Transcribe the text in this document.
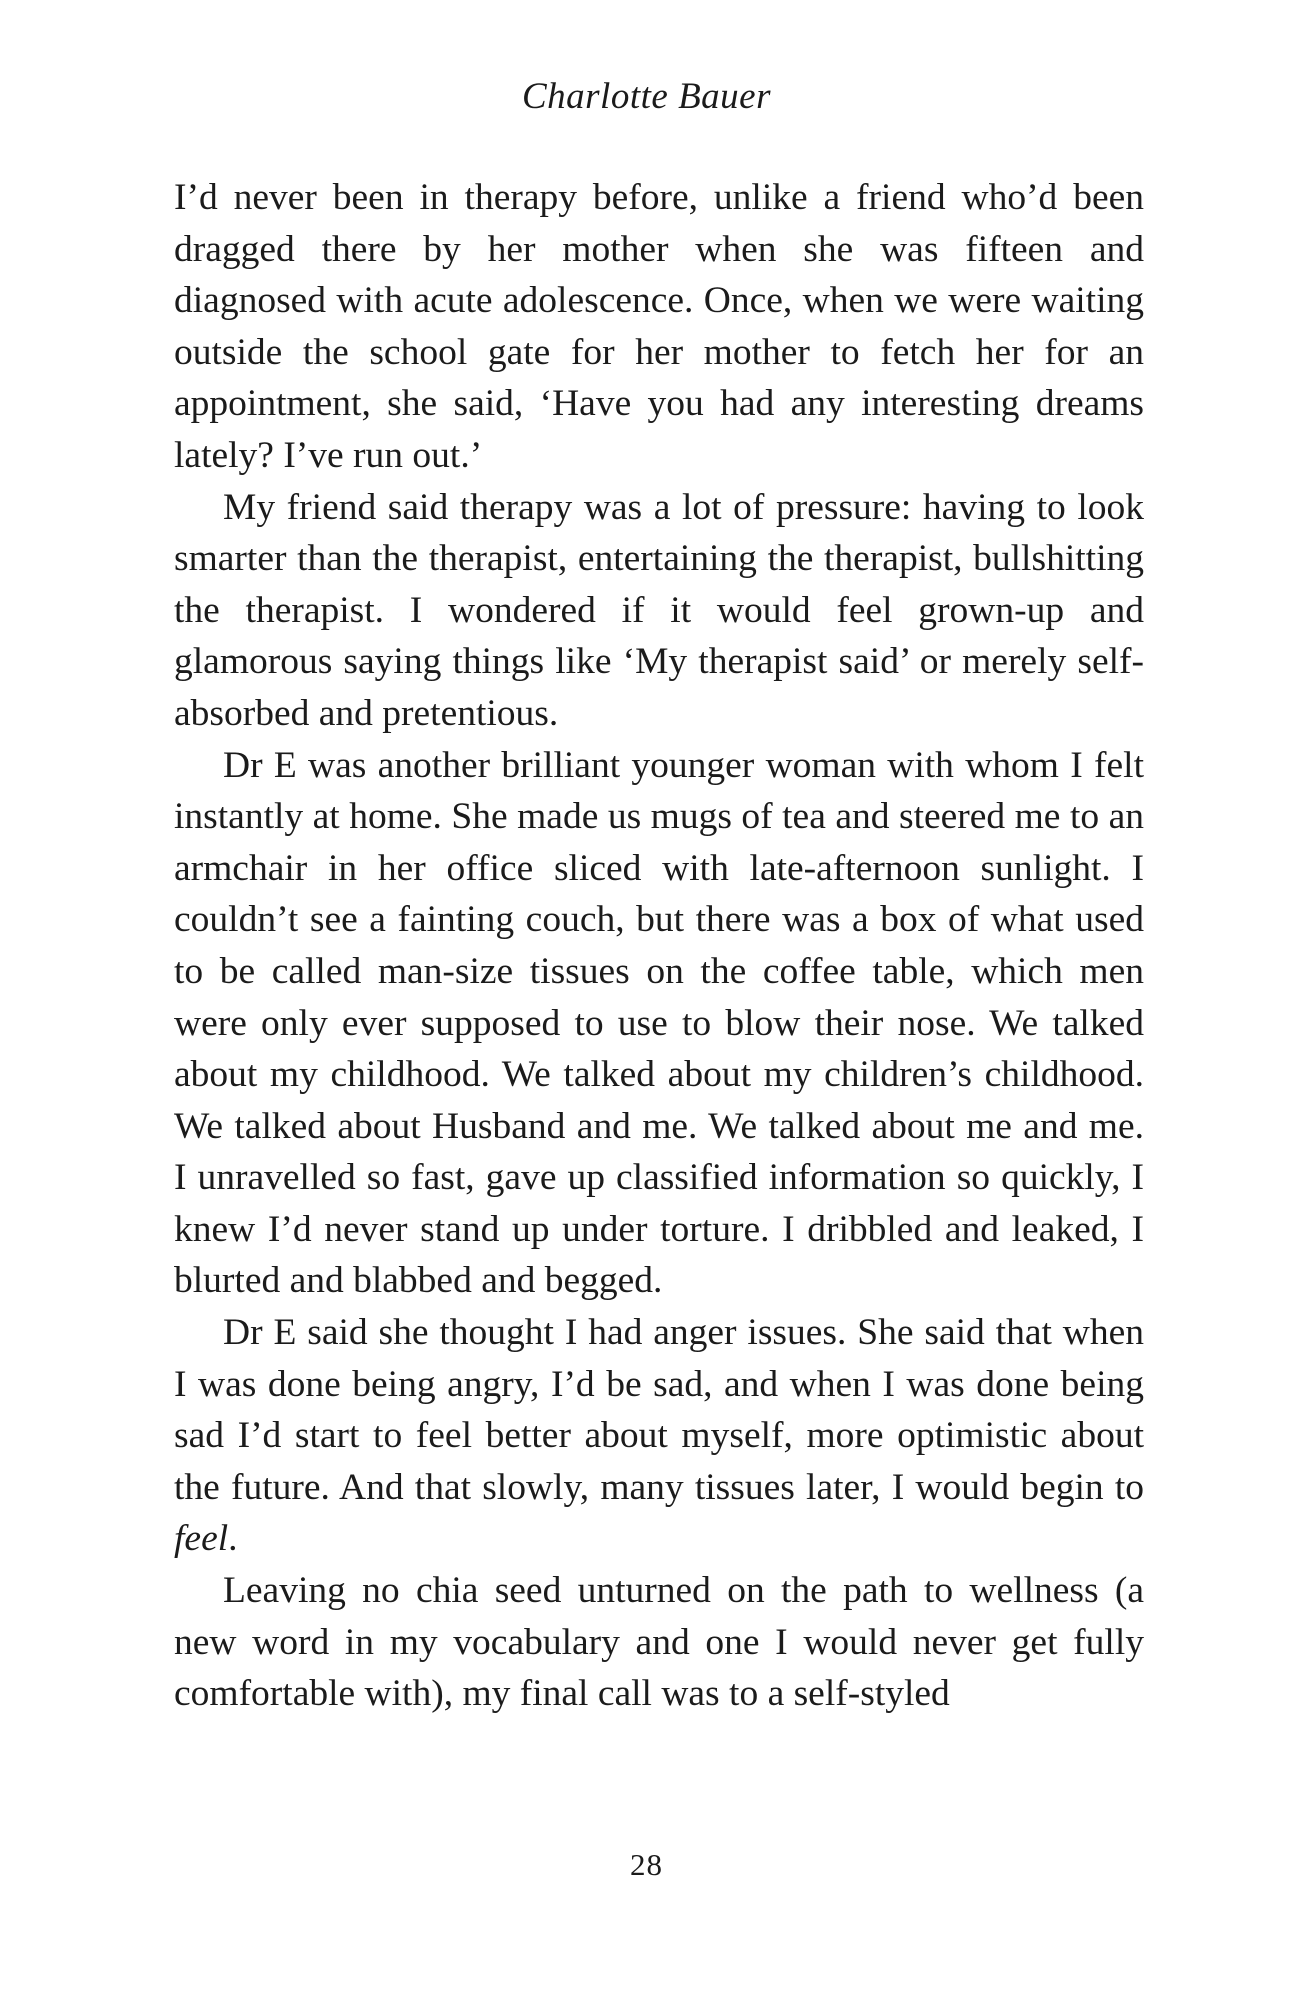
Charlotte Bauer

I’d never been in therapy before, unlike a friend who’d been dragged there by her mother when she was fifteen and diagnosed with acute adolescence. Once, when we were waiting outside the school gate for her mother to fetch her for an appointment, she said, ‘Have you had any interesting dreams lately? I’ve run out.’

My friend said therapy was a lot of pressure: having to look smarter than the therapist, entertaining the therapist, bullshitting the therapist. I wondered if it would feel grown-up and glamorous saying things like ‘My therapist said’ or merely self-absorbed and pretentious.

Dr E was another brilliant younger woman with whom I felt instantly at home. She made us mugs of tea and steered me to an armchair in her office sliced with late-afternoon sunlight. I couldn’t see a fainting couch, but there was a box of what used to be called man-size tissues on the coffee table, which men were only ever supposed to use to blow their nose. We talked about my childhood. We talked about my children’s childhood. We talked about Husband and me. We talked about me and me. I unravelled so fast, gave up classified information so quickly, I knew I’d never stand up under torture. I dribbled and leaked, I blurted and blabbed and begged.

Dr E said she thought I had anger issues. She said that when I was done being angry, I’d be sad, and when I was done being sad I’d start to feel better about myself, more optimistic about the future. And that slowly, many tissues later, I would begin to feel.

Leaving no chia seed unturned on the path to wellness (a new word in my vocabulary and one I would never get fully comfortable with), my final call was to a self-styled

28
